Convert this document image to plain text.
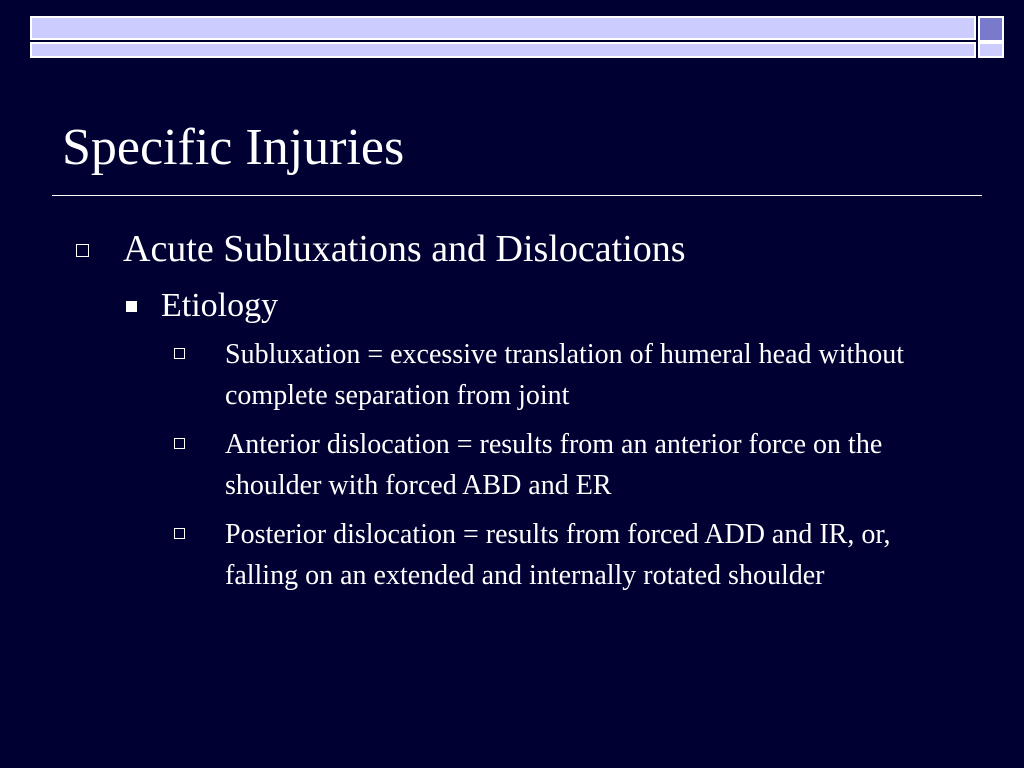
Specific Injuries
Acute Subluxations and Dislocations
Etiology
Subluxation = excessive translation of humeral head without complete separation from joint
Anterior dislocation = results from an anterior force on the shoulder with forced ABD and ER
Posterior dislocation = results from forced ADD and IR, or, falling on an extended and internally rotated shoulder
